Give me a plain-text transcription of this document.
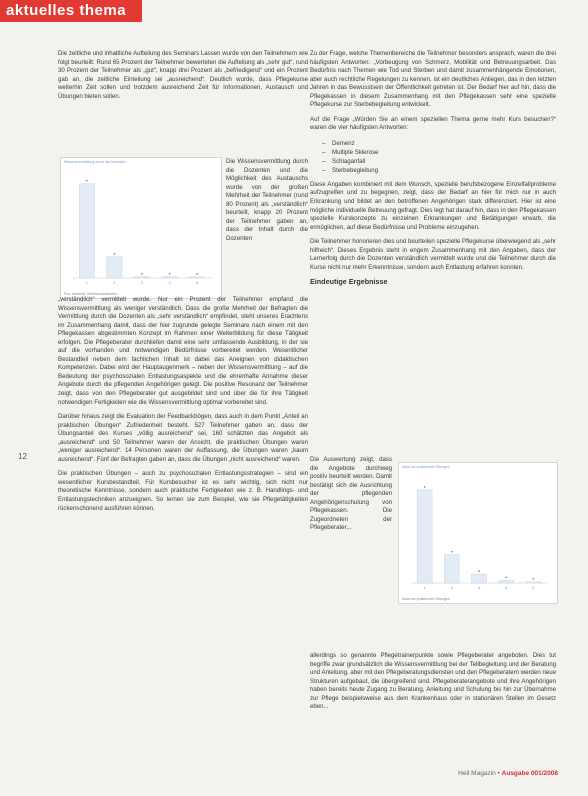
aktuelles thema

Die zeitliche und inhaltliche Aufteilung des Seminars Lassen wurde von den Teilnehmern wie folgt beurteilt: Rund 65 Prozent der Teilnehmer bewerteten die Aufteilung als „sehr gut“, rund 30 Prozent der Teilnehmer als „gut“, knapp drei Prozent als „befriedigend“ und ein Prozent gab an, die zeitliche Einteilung sei „ausreichend“. Deutlich wurde, dass Pflegekurse weiterhin Zeit sollen und trotzdem ausreichend Zeit für Informationen, Austausch und Übungen bieten sollen.

Wissensvermittlung durch die Dozenten
1	2	3	4	5
Pos. bewertet, Mehrfachantworten

Die Wissensvermittlung durch die Dozenten und die Möglichkeit des Austauschs wurde von der großen Mehrheit der Teilnehmer (rund 80 Prozent) als „verständlich“ beurteilt, knapp 20 Prozent der Teilnehmer gaben an, dass der Inhalt durch die Dozenten

„verständlich“ vermittelt wurde. Nur ein Prozent der Teilnehmer empfand die Wissensvermittlung als weniger verständlich. Dass die große Mehrheit der Befragten die Vermittlung durch die Dozenten als „sehr verständlich“ empfindet, steht unseres Erachtens im Zusammenhang damit, dass der hier zugrunde gelegte Seminare nach einem mit den Pflegekassen abgestimmten Konzept im Rahmen einer Weiterbildung für diese Tätigkeit erfolgen. Die Pflegeberater durchliefen damit eine sehr umfassende Ausbildung, in der sie auf die vorhanden und notwendigen Bedürfnisse vorbereitet werden. Wesentlicher Bestandteil neben dem fachlichen Inhalt ist dabei das Aneignen von didaktischen Kompetenzen. Dabei wird der Hauptaugenmerk – neben der Wissensvermittlung – auf die Bedeutung der psychosozialen Entlastungsaspekte und die ehrenhafte Annahme dieser Angebote durch die pflegenden Angehörigen gelegt. Die positive Resonanz der Teilnehmer zeigt, dass von den Pflegeberater gut ausgebildet sind und über die für ihre Tätigkeit notwendigen Fertigkeiten wie die Wissensvermittlung optimal vorbereitet sind.

Darüber hinaus zeigt die Evaluation der Feedbackbögen, dass auch in dem Punkt „Anteil an praktischen Übungen“ Zufriedenheit besteht. 527 Teilnehmer gaben an, dass der Übungsanteil des Kurses „völlig ausreichend“ sei, 160 schätzten das Angebot als „ausreichend“ und 50 Teilnehmer waren der Ansicht, die praktischen Übungen waren „weniger ausreichend“. 14 Personen waren der Auffassung, die Übungen waren „kaum ausreichend“. Fünf der Befragten gaben an, dass die Übungen „nicht ausreichend“ waren.

Die praktischen Übungen – auch zu psychosozialen Entlastungsstrategien – sind ein wesentlicher Kursbestandteil. Für Kursbesucher ist es sehr wichtig, sich nicht nur theoretische Kenntnisse, sondern auch praktische Fertigkeiten wie z. B. Handlings- und Entlastungstechniken anzueignen. So lernen sie zum Beispiel, wie sie Pflegetätigkeiten rückenschonend ausführen können.

12

Zu der Frage, welche Themenbereiche die Teilnehmer besonders ansprach, waren die drei häufigsten Antworten: „Vorbeugung von Schmerz, Mobilität und Betreuungsarbeit. Das Bedürfnis nach Themen wie Tod und Sterben und damit zusammenhängende Emotionen, aber auch rechtliche Regelungen zu kennen, ist ein deutliches Anliegen, das in den letzten Jahren in das Bewusstsein der Öffentlichkeit getreten ist. Der Bedarf hier auf hin, dass die Pflegekassen in diesem Zusammenhang mit den Pflegekassen sehr eine spezielle Pflegekurse zur Sterbebegleitung entwickelt.

Auf die Frage „Würden Sie an einem speziellen Thema gerne mehr Kurs besuchen?“ waren die vier häufigsten Antworten:

– Demenz
– Multiple Sklerose
– Schlaganfall
– Sterbebegleitung

Diese Angaben kombiniert mit dem Wunsch, spezielle berufsbezogene Einzelfallprobleme aufzugreifen und zu begegnen, zeigt, dass der Bedarf an hier für mich nur in auch Erkrankung und bildet an den betroffenen Angehörigen stark differenziert. Hier ist eine mögliche individuelle Betreuung gefragt. Dies legt hat darauf hin, dass in den Pflegekassen spezielle Kurskonzepte zu einzelnen Erkrankungen und Betätigungen erwarb, die ermöglichen, auf diese Bedürfnisse und Probleme einzugehen.

Die Teilnehmer honorieren dies und beurteilen spezielle Pflegekurse überwiegend als „sehr hilfreich“. Dieses Ergebnis steht in engem Zusammenhang mit den Angaben, dass der Lernerfolg durch die Dozenten verständlich vermittelt wurde und die Teilnehmer durch die Kurse nicht nur mehr Erkenntnisse, sondern auch Entlastung erfahren konnten.

Eindeutige Ergebnisse

Die Auswertung zeigt, dass die Angebote durchweg positiv beurteilt werden. Damit bestätigt sich die Ausrichtung der pflegenden Angehörigenschulung von Pflegekassen. Die Zugeordneten der Pflegeberater...

Anteil an praktischen Übungen
1	2	3	4	5
Anteil an praktischen Übungen

allerdings so genannte Pflegetrainerpunkte sowie Pflegeberater angeboten. Dies tut begriffe zwar grundsätzlich die Wissensvermittlung bei der Tellbegleitung und der Beratung und Anleitung, aber mit den Pflegeberatungsdiensten und den Pflegeberatern werden neue Strukturen aufgebaut, die übergreifend sind. Pflegeberaterangebote und ihre Angehörigen haben bereits heute Zugang zu Beratung, Anleitung und Schulung bis hin zur Übernahme zur Pflege beispielsweise aus dem Krankenhaus oder in stationären Stellen im Gesetz eben...

Heil Magazin • Ausgabe 001/2008
